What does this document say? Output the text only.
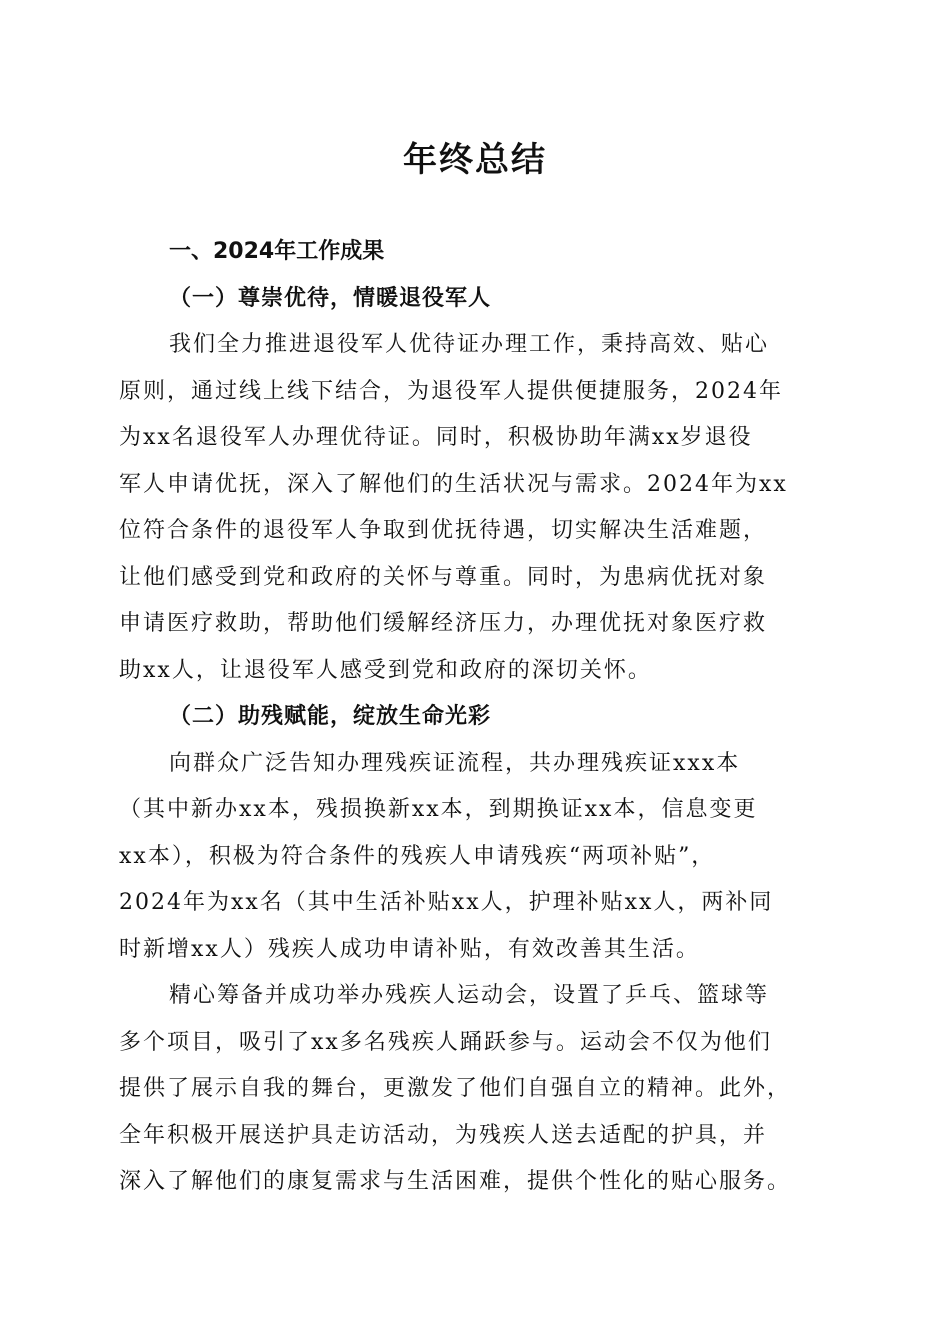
年终总结
一、2024年工作成果
（一）尊崇优待，情暖退役军人

我们全力推进退役军人优待证办理工作，秉持高效、贴心
原则，通过线上线下结合，为退役军人提供便捷服务，2024年
为xx名退役军人办理优待证。同时，积极协助年满xx岁退役
军人申请优抚，深入了解他们的生活状况与需求。2024年为xx
位符合条件的退役军人争取到优抚待遇，切实解决生活难题，
让他们感受到党和政府的关怀与尊重。同时，为患病优抚对象
申请医疗救助，帮助他们缓解经济压力，办理优抚对象医疗救
助xx人，让退役军人感受到党和政府的深切关怀。

（二）助残赋能，绽放生命光彩

向群众广泛告知办理残疾证流程，共办理残疾证xxx本
（其中新办xx本，残损换新xx本，到期换证xx本，信息变更
xx本），积极为符合条件的残疾人申请残疾“两项补贴”，
2024年为xx名（其中生活补贴xx人，护理补贴xx人，两补同
时新增xx人）残疾人成功申请补贴，有效改善其生活。

精心筹备并成功举办残疾人运动会，设置了乒乓、篮球等
多个项目，吸引了xx多名残疾人踊跃参与。运动会不仅为他们
提供了展示自我的舞台，更激发了他们自强自立的精神。此外，
全年积极开展送护具走访活动，为残疾人送去适配的护具，并
深入了解他们的康复需求与生活困难，提供个性化的贴心服务。
